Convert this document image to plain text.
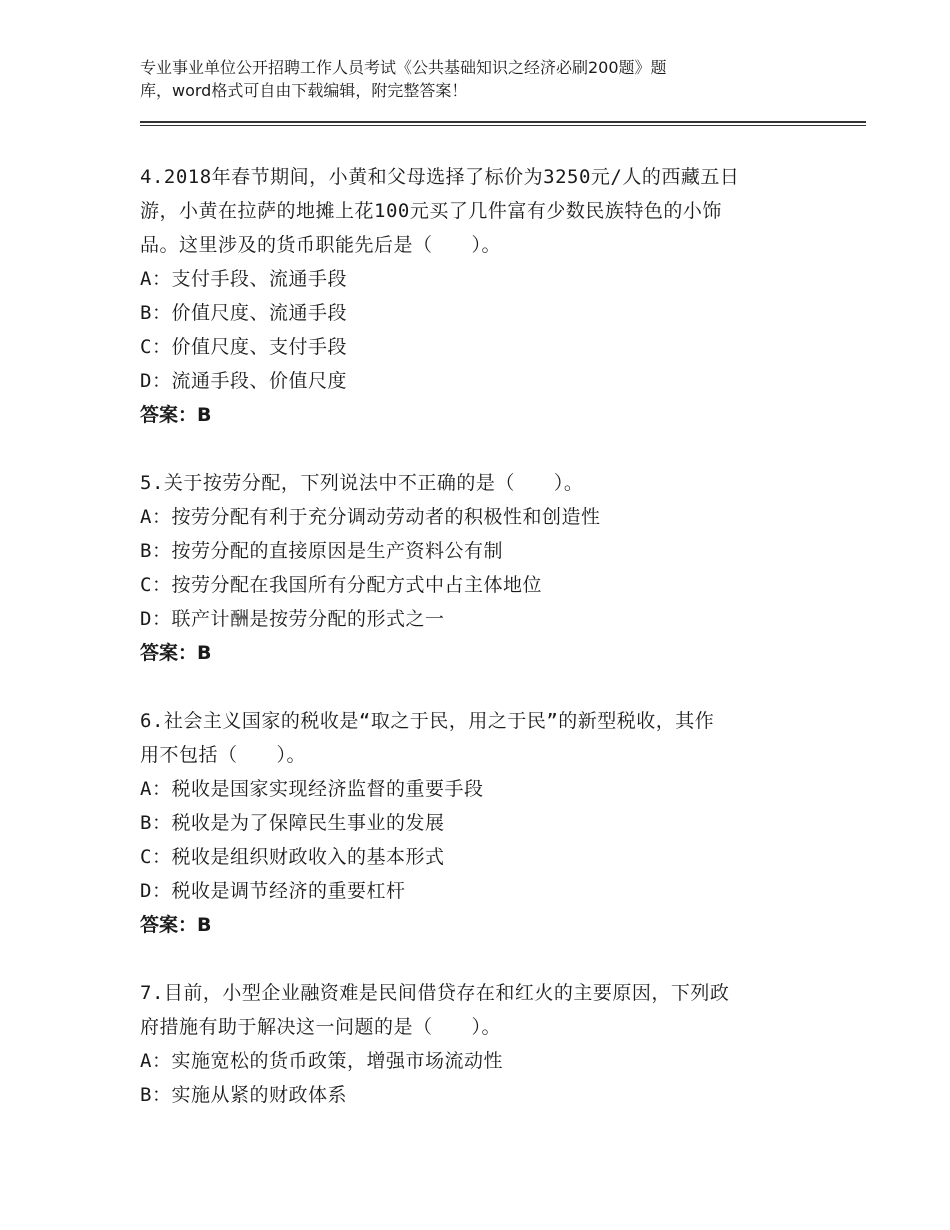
专业事业单位公开招聘工作人员考试《公共基础知识之经济必刷200题》题
库，word格式可自由下载编辑，附完整答案！
4.2018年春节期间，小黄和父母选择了标价为3250元/人的西藏五日
游，小黄在拉萨的地摊上花100元买了几件富有少数民族特色的小饰
品。这里涉及的货币职能先后是（　　）。
A：支付手段、流通手段
B：价值尺度、流通手段
C：价值尺度、支付手段
D：流通手段、价值尺度
答案：B
5.关于按劳分配，下列说法中不正确的是（　　）。
A：按劳分配有利于充分调动劳动者的积极性和创造性
B：按劳分配的直接原因是生产资料公有制
C：按劳分配在我国所有分配方式中占主体地位
D：联产计酬是按劳分配的形式之一
答案：B
6.社会主义国家的税收是“取之于民，用之于民”的新型税收，其作
用不包括（　　）。
A：税收是国家实现经济监督的重要手段
B：税收是为了保障民生事业的发展
C：税收是组织财政收入的基本形式
D：税收是调节经济的重要杠杆
答案：B
7.目前，小型企业融资难是民间借贷存在和红火的主要原因，下列政
府措施有助于解决这一问题的是（　　）。
A：实施宽松的货币政策，增强市场流动性
B：实施从紧的财政体系
